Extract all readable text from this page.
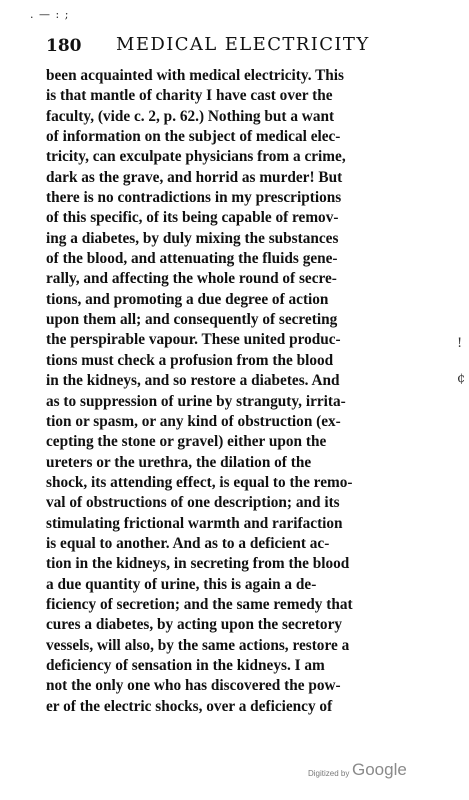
. — : ;
180 MEDICAL ELECTRICITY
been acquainted with medical electricity. This
is that mantle of charity I have cast over the
faculty, (vide c. 2, p. 62.) Nothing but a want
of information on the subject of medical elec-
tricity, can exculpate physicians from a crime,
dark as the grave, and horrid as murder! But
there is no contradictions in my prescriptions
of this specific, of its being capable of remov-
ing a diabetes, by duly mixing the substances
of the blood, and attenuating the fluids gene-
rally, and affecting the whole round of secre-
tions, and promoting a due degree of action
upon them all; and consequently of secreting
the perspirable vapour. These united produc-
tions must check a profusion from the blood
in the kidneys, and so restore a diabetes. And
as to suppression of urine by stranguty, irrita-
tion or spasm, or any kind of obstruction (ex-
cepting the stone or gravel) either upon the
ureters or the urethra, the dilation of the
shock, its attending effect, is equal to the remo-
val of obstructions of one description; and its
stimulating frictional warmth and rarifaction
is equal to another. And as to a deficient ac-
tion in the kidneys, in secreting from the blood
a due quantity of urine, this is again a de-
ficiency of secretion; and the same remedy that
cures a diabetes, by acting upon the secretory
vessels, will also, by the same actions, restore a
deficiency of sensation in the kidneys. I am
not the only one who has discovered the pow-
er of the electric shocks, over a deficiency of
!
¢
Digitized by Google
